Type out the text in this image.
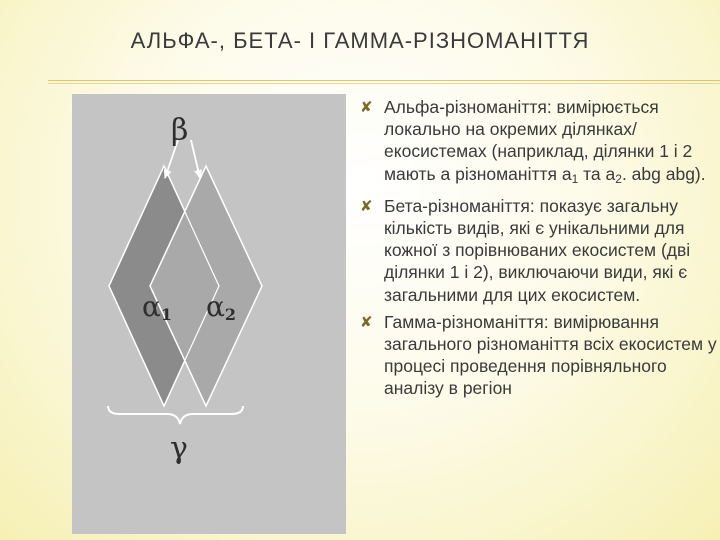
АЛЬФА-, БЕТА- І ГАММА-РІЗНОМАНІТТЯ
β
$\alpha_1$ $\alpha_2$
γ
✘ Альфа-різноманіття: вимірюється локально на окремих ділянках/екосистемах (наприклад, ділянки 1 і 2 мають a різноманіття $a_1$ та $a_2$. abg abg).
✘ Бета-різноманіття: показує загальну кількість видів, які є унікальними для кожної з порівнюваних екосистем (дві ділянки 1 і 2), виключаючи види, які є загальними для цих екосистем.
✘ Гамма-різноманіття: вимірювання загального різноманіття всіх екосистем у процесі проведення порівняльного аналізу в регіон
